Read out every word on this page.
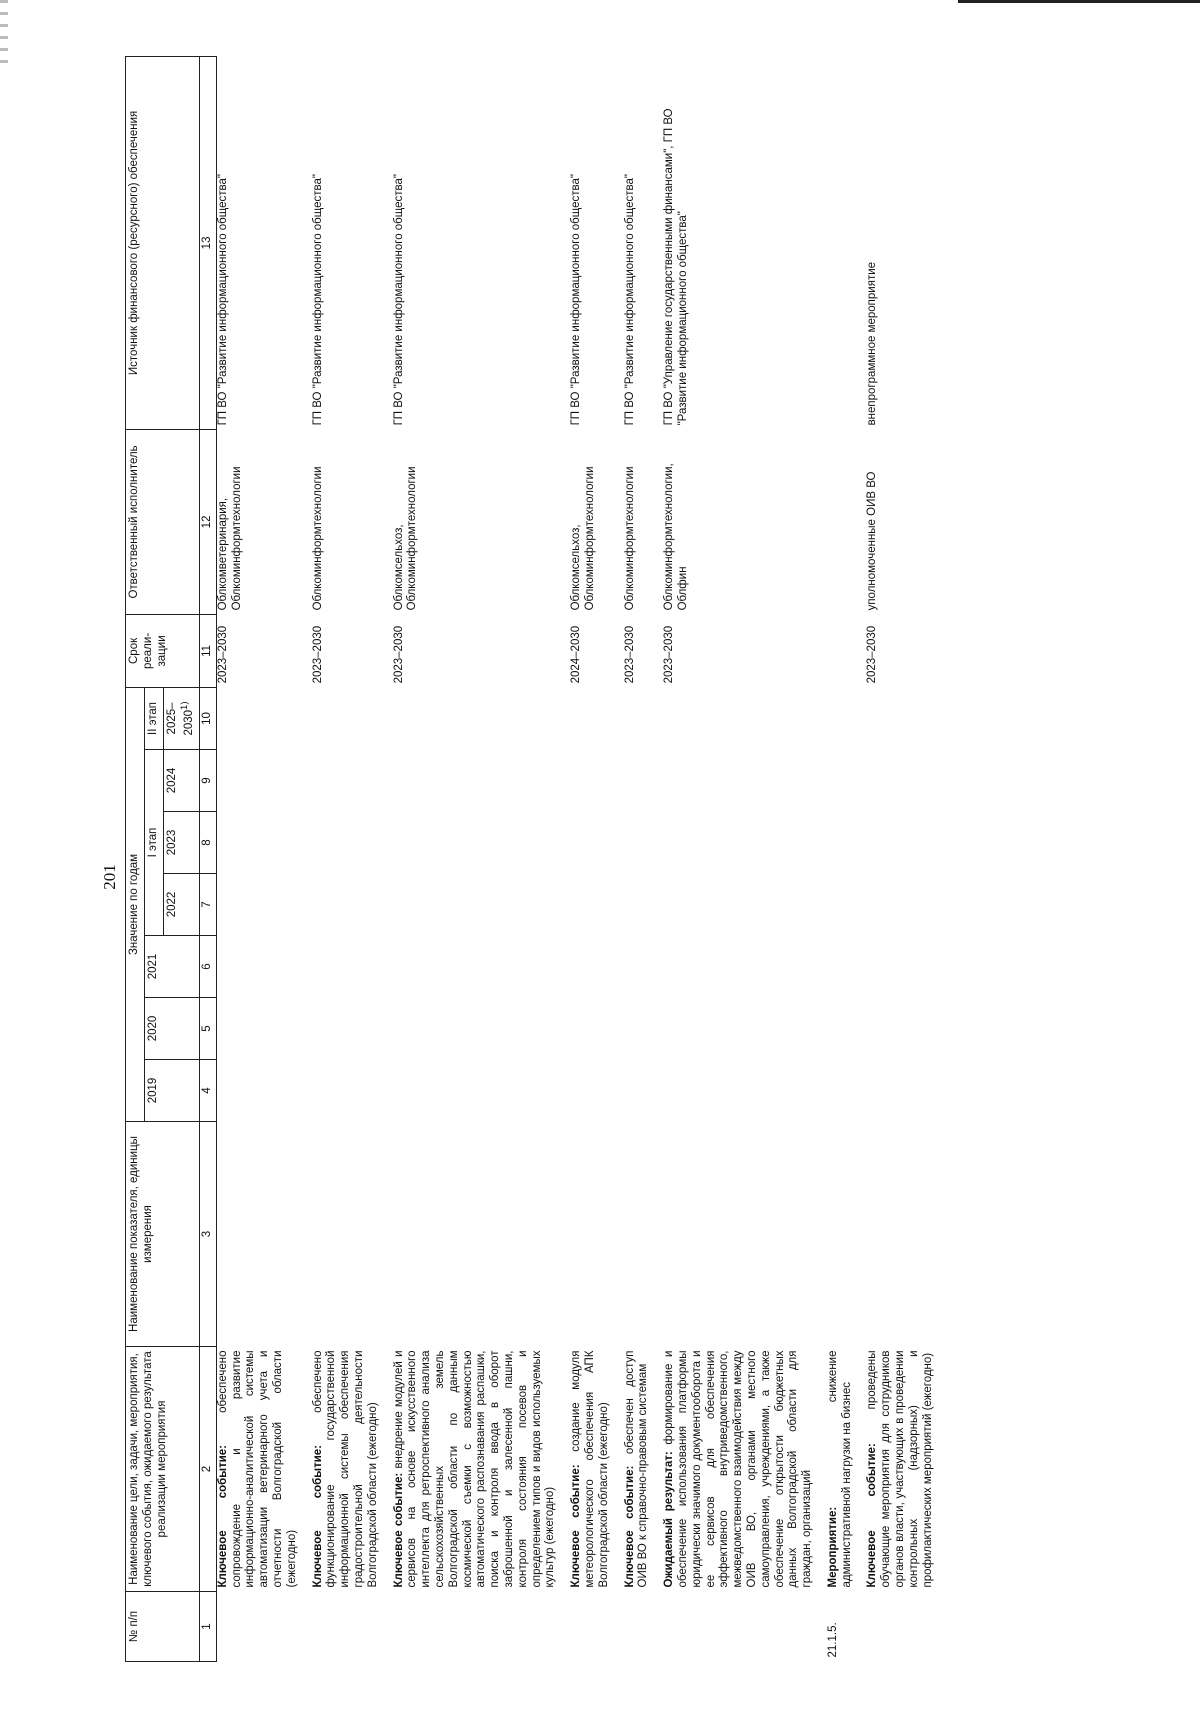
201
№ п/п	Наименование цели, задачи, мероприятия, ключевого события, ожидаемого результата реализации мероприятия	Наименование показателя, единицы измерения	Значение по годам							Срок реали-зации	Ответственный исполнитель	Источник финансового (ресурсного) обеспечения
			2019	2020	2021	I этап			II этап			
						2022	2023	2024	2025–2030$^{1)}$
1	2	3	4	5	6	7	8	9	10	11	12	13
	Ключевое событие: обеспечено сопровождение и развитие информационно-аналитической системы автоматизации ветеринарного учета и отчетности Волгоградской области (ежегодно)									2023–2030	Облкомветеринария, Облкоминформтехнологии	ГП ВО "Развитие информационного общества"
	Ключевое событие: обеспечено функционирование государственной информационной системы обеспечения градостроительной деятельности Волгоградской области (ежегодно)									2023–2030	Облкоминформтехнологии	ГП ВО "Развитие информационного общества"
	Ключевое событие: внедрение модулей и сервисов на основе искусственного интеллекта для ретроспективного анализа сельскохозяйственных земель Волгоградской области по данным космической съемки с возможностью автоматического распознавания распашки, поиска и контроля ввода в оборот заброшенной и залесенной пашни, контроля состояния посевов и определением типов и видов используемых культур (ежегодно)									2023–2030	Облкомсельхоз, Облкоминформтехнологии	ГП ВО "Развитие информационного общества"
	Ключевое событие: создание модуля метеорологического обеспечения АПК Волгоградской области (ежегодно)									2024–2030	Облкомсельхоз, Облкоминформтехнологии	ГП ВО "Развитие информационного общества"
	Ключевое событие: обеспечен доступ ОИВ ВО к справочно-правовым системам									2023–2030	Облкоминформтехнологии	ГП ВО "Развитие информационного общества"
	Ожидаемый результат: формирование и обеспечение использования платформы юридически значимого документооборота и ее сервисов для обеспечения эффективного внутриведомственного, межведомственного взаимодействия между ОИВ ВО, органами местного самоуправления, учреждениями, а также обеспечение открытости бюджетных данных Волгоградской области для граждан, организаций									2023–2030	Облкоминформтехнологии, Облфин	ГП ВО "Управление государственными финансами", ГП ВО "Развитие информационного общества"
21.1.5.	Мероприятие: снижение административной нагрузки на бизнес											
	Ключевое событие: проведены обучающие мероприятия для сотрудников органов власти, участвующих в проведении контрольных (надзорных) и профилактических мероприятий (ежегодно)									2023–2030	уполномоченные ОИВ ВО	внепрограммное мероприятие
